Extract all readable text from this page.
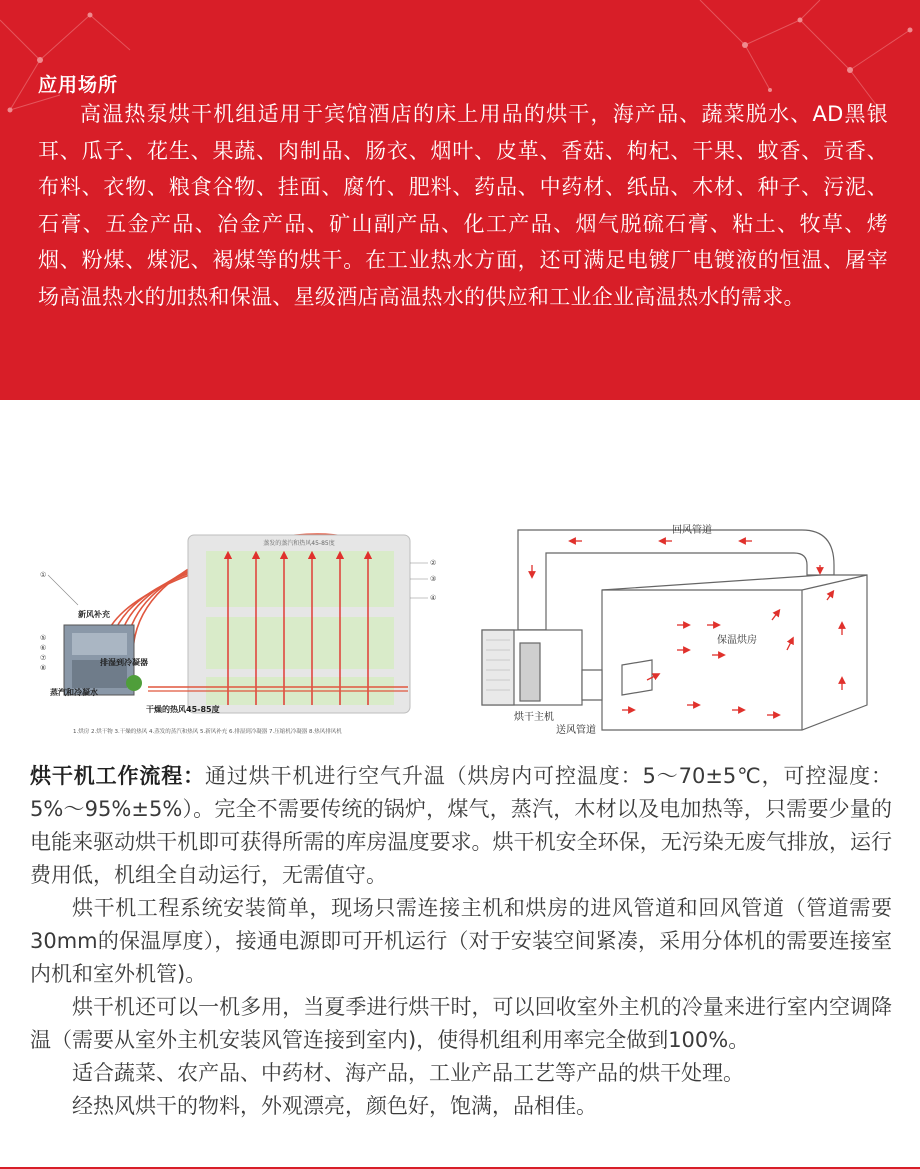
应用场所
高温热泵烘干机组适用于宾馆酒店的床上用品的烘干，海产品、蔬菜脱水、AD黑银耳、瓜子、花生、果蔬、肉制品、肠衣、烟叶、皮革、香菇、枸杞、干果、蚊香、贡香、布料、衣物、粮食谷物、挂面、腐竹、肥料、药品、中药材、纸品、木材、种子、污泥、石膏、五金产品、冶金产品、矿山副产品、化工产品、烟气脱硫石膏、粘土、牧草、烤烟、粉煤、煤泥、褐煤等的烘干。在工业热水方面，还可满足电镀厂电镀液的恒温、屠宰场高温热水的加热和保温、星级酒店高温热水的供应和工业企业高温热水的需求。
蒸发的蒸汽和热风45-85度
新风补充
排湿到冷凝器
蒸汽和冷凝水
干燥的热风45-85度
①
⑤
⑥
⑦
⑧
②
③
④
1.烘房 2.烘干物 3.干燥的热风 4.蒸发的蒸汽和热风 5.新风补充 6.排湿到冷凝器 7.压缩机冷凝器 8.热风排风机
回风管道
保温烘房
烘干主机
送风管道

烘干机工作流程：通过烘干机进行空气升温（烘房内可控温度：5～70±5℃，可控湿度：5%～95%±5%）。完全不需要传统的锅炉，煤气，蒸汽，木材以及电加热等，只需要少量的电能来驱动烘干机即可获得所需的库房温度要求。烘干机安全环保，无污染无废气排放，运行费用低，机组全自动运行，无需值守。

烘干机工程系统安装简单，现场只需连接主机和烘房的进风管道和回风管道（管道需要30mm的保温厚度），接通电源即可开机运行（对于安装空间紧凑，采用分体机的需要连接室内机和室外机管)。

烘干机还可以一机多用，当夏季进行烘干时，可以回收室外主机的冷量来进行室内空调降温（需要从室外主机安装风管连接到室内)，使得机组利用率完全做到100%。

适合蔬菜、农产品、中药材、海产品，工业产品工艺等产品的烘干处理。

经热风烘干的物料，外观漂亮，颜色好，饱满，品相佳。
